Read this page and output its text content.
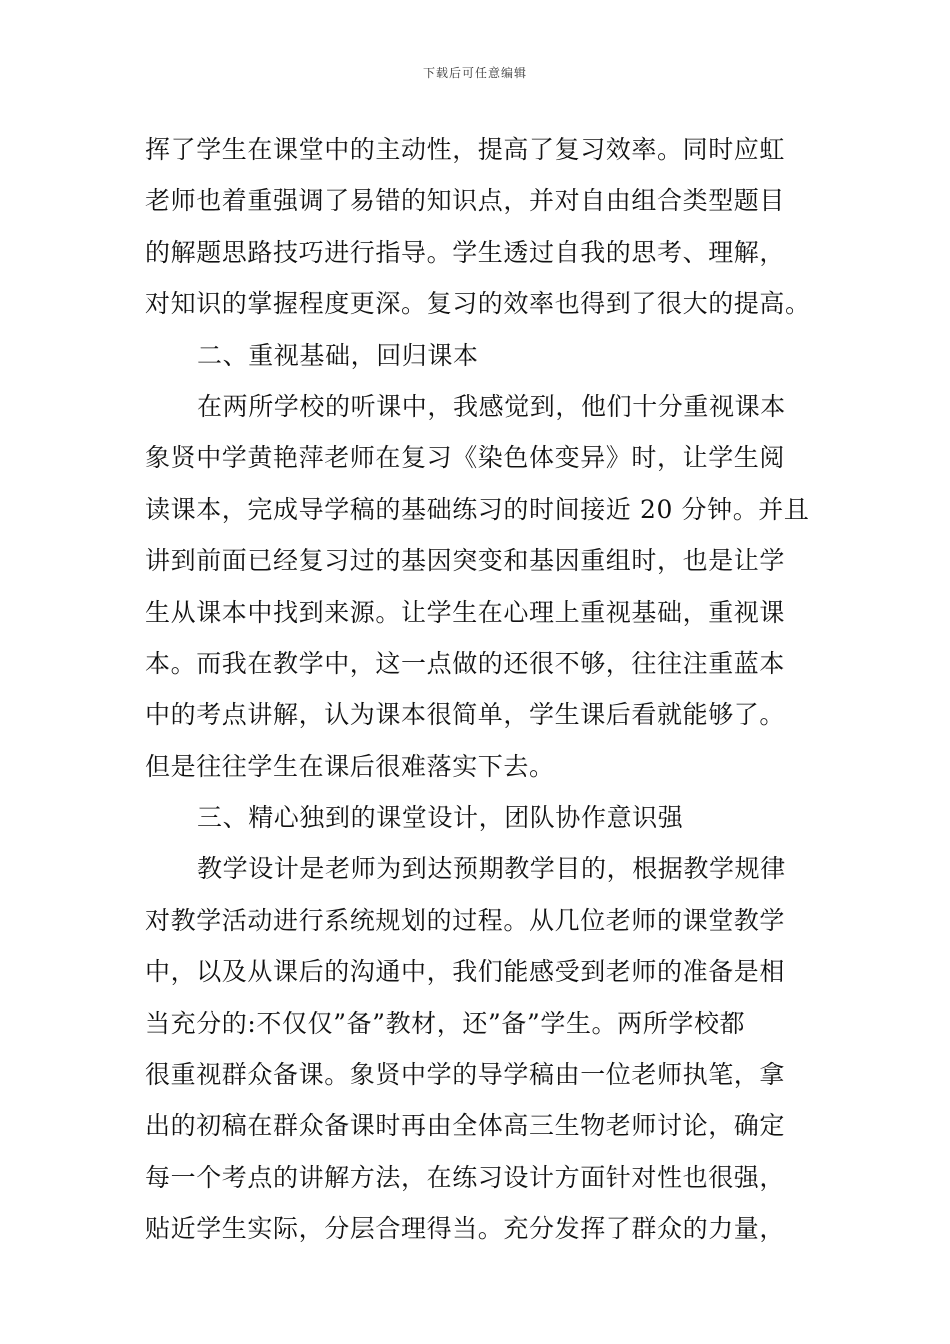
下载后可任意编辑
挥了学生在课堂中的主动性，提高了复习效率。同时应虹
老师也着重强调了易错的知识点，并对自由组合类型题目
的解题思路技巧进行指导。学生透过自我的思考、理解，
对知识的掌握程度更深。复习的效率也得到了很大的提高。
二、重视基础，回归课本
在两所学校的听课中，我感觉到，他们十分重视课本
象贤中学黄艳萍老师在复习《染色体变异》时，让学生阅
读课本，完成导学稿的基础练习的时间接近 20 分钟。并且
讲到前面已经复习过的基因突变和基因重组时，也是让学
生从课本中找到来源。让学生在心理上重视基础，重视课
本。而我在教学中，这一点做的还很不够，往往注重蓝本
中的考点讲解，认为课本很简单，学生课后看就能够了。
但是往往学生在课后很难落实下去。
三、精心独到的课堂设计，团队协作意识强
教学设计是老师为到达预期教学目的，根据教学规律
对教学活动进行系统规划的过程。从几位老师的课堂教学
中，以及从课后的沟通中，我们能感受到老师的准备是相
当充分的:不仅仅”备”教材，还”备”学生。两所学校都
很重视群众备课。象贤中学的导学稿由一位老师执笔，拿
出的初稿在群众备课时再由全体高三生物老师讨论，确定
每一个考点的讲解方法，在练习设计方面针对性也很强，
贴近学生实际，分层合理得当。充分发挥了群众的力量，
